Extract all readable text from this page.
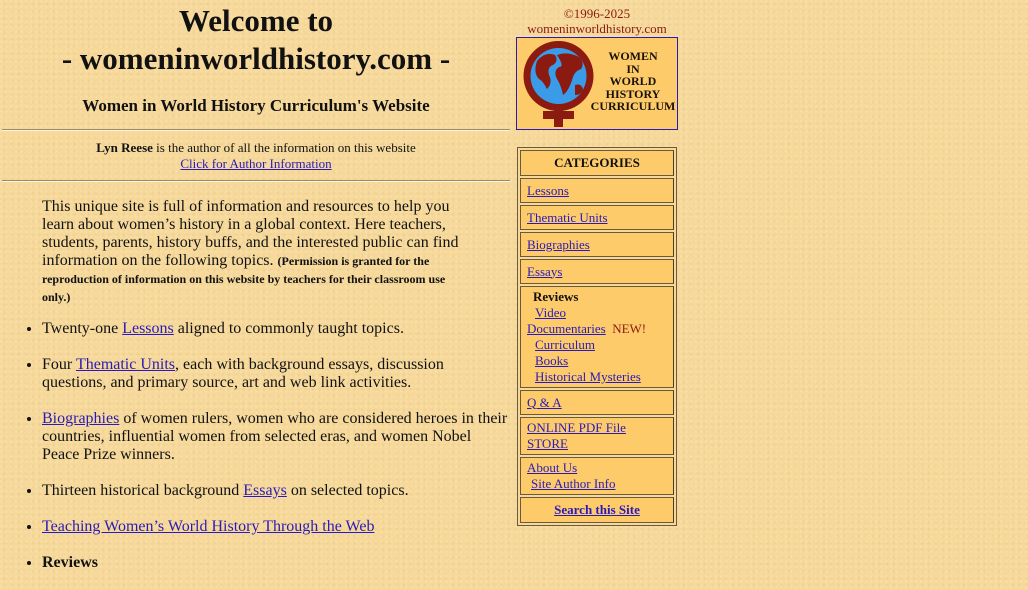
Welcome to
- womeninworldhistory.com -
Women in World History Curriculum's Website
Lyn Reese is the author of all the information on this website
Click for Author Information
This unique site is full of information and resources to help you learn about women’s history in a global context. Here teachers, students, parents, history buffs, and the interested public can find information on the following topics. (Permission is granted for the reproduction of information on this website by teachers for their classroom use only.)
• Twenty-one Lessons aligned to commonly taught topics.
• Four Thematic Units, each with background essays, discussion questions, and primary source, art and web link activities.
• Biographies of women rulers, women who are considered heroes in their countries, influential women from selected eras, and women Nobel Peace Prize winners.
• Thirteen historical background Essays on selected topics.
• Teaching Women’s World History Through the Web
• Reviews
©1996-2025
womeninworldhistory.com
WOMEN
IN
WORLD
HISTORY
CURRICULUM
CATEGORIES
Lessons
Thematic Units
Biographies
Essays

Reviews
Video
Documentaries NEW!
Curriculum
Books
Historical Mysteries

Q & A
ONLINE PDF File STORE
About Us
Site Author Info

Search this Site
